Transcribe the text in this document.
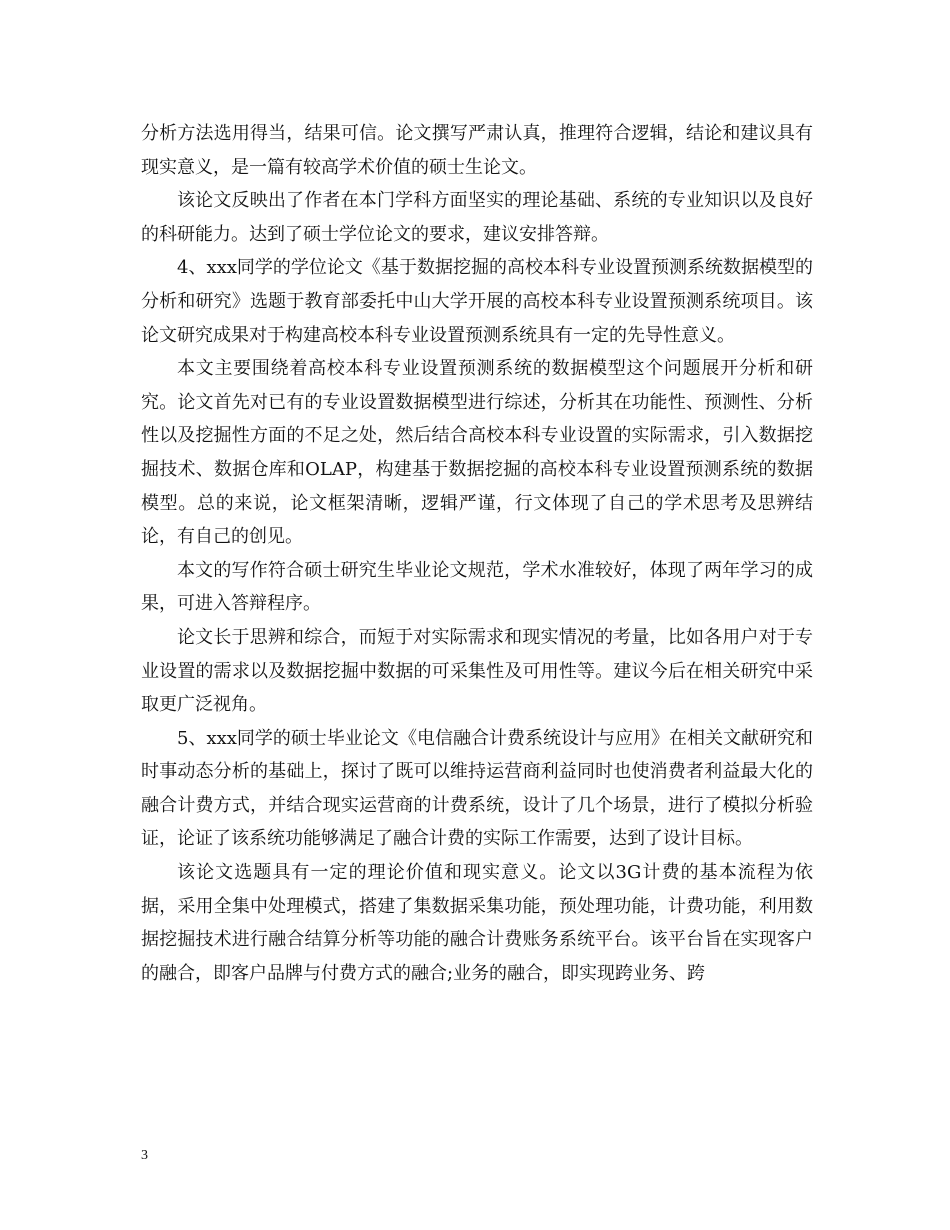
分析方法选用得当，结果可信。论文撰写严肃认真，推理符合逻辑，结论和建议具有现实意义，是一篇有较高学术价值的硕士生论文。

该论文反映出了作者在本门学科方面坚实的理论基础、系统的专业知识以及良好的科研能力。达到了硕士学位论文的要求，建议安排答辩。

4、xxx同学的学位论文《基于数据挖掘的高校本科专业设置预测系统数据模型的分析和研究》选题于教育部委托中山大学开展的高校本科专业设置预测系统项目。该论文研究成果对于构建高校本科专业设置预测系统具有一定的先导性意义。

本文主要围绕着高校本科专业设置预测系统的数据模型这个问题展开分析和研究。论文首先对已有的专业设置数据模型进行综述，分析其在功能性、预测性、分析性以及挖掘性方面的不足之处，然后结合高校本科专业设置的实际需求，引入数据挖掘技术、数据仓库和OLAP，构建基于数据挖掘的高校本科专业设置预测系统的数据模型。总的来说，论文框架清晰，逻辑严谨，行文体现了自己的学术思考及思辨结论，有自己的创见。

本文的写作符合硕士研究生毕业论文规范，学术水准较好，体现了两年学习的成果，可进入答辩程序。

论文长于思辨和综合，而短于对实际需求和现实情况的考量，比如各用户对于专业设置的需求以及数据挖掘中数据的可采集性及可用性等。建议今后在相关研究中采取更广泛视角。

5、xxx同学的硕士毕业论文《电信融合计费系统设计与应用》在相关文献研究和时事动态分析的基础上，探讨了既可以维持运营商利益同时也使消费者利益最大化的融合计费方式，并结合现实运营商的计费系统，设计了几个场景，进行了模拟分析验证，论证了该系统功能够满足了融合计费的实际工作需要，达到了设计目标。

该论文选题具有一定的理论价值和现实意义。论文以3G计费的基本流程为依据，采用全集中处理模式，搭建了集数据采集功能，预处理功能，计费功能，利用数据挖掘技术进行融合结算分析等功能的融合计费账务系统平台。该平台旨在实现客户的融合，即客户品牌与付费方式的融合;业务的融合，即实现跨业务、跨

3
